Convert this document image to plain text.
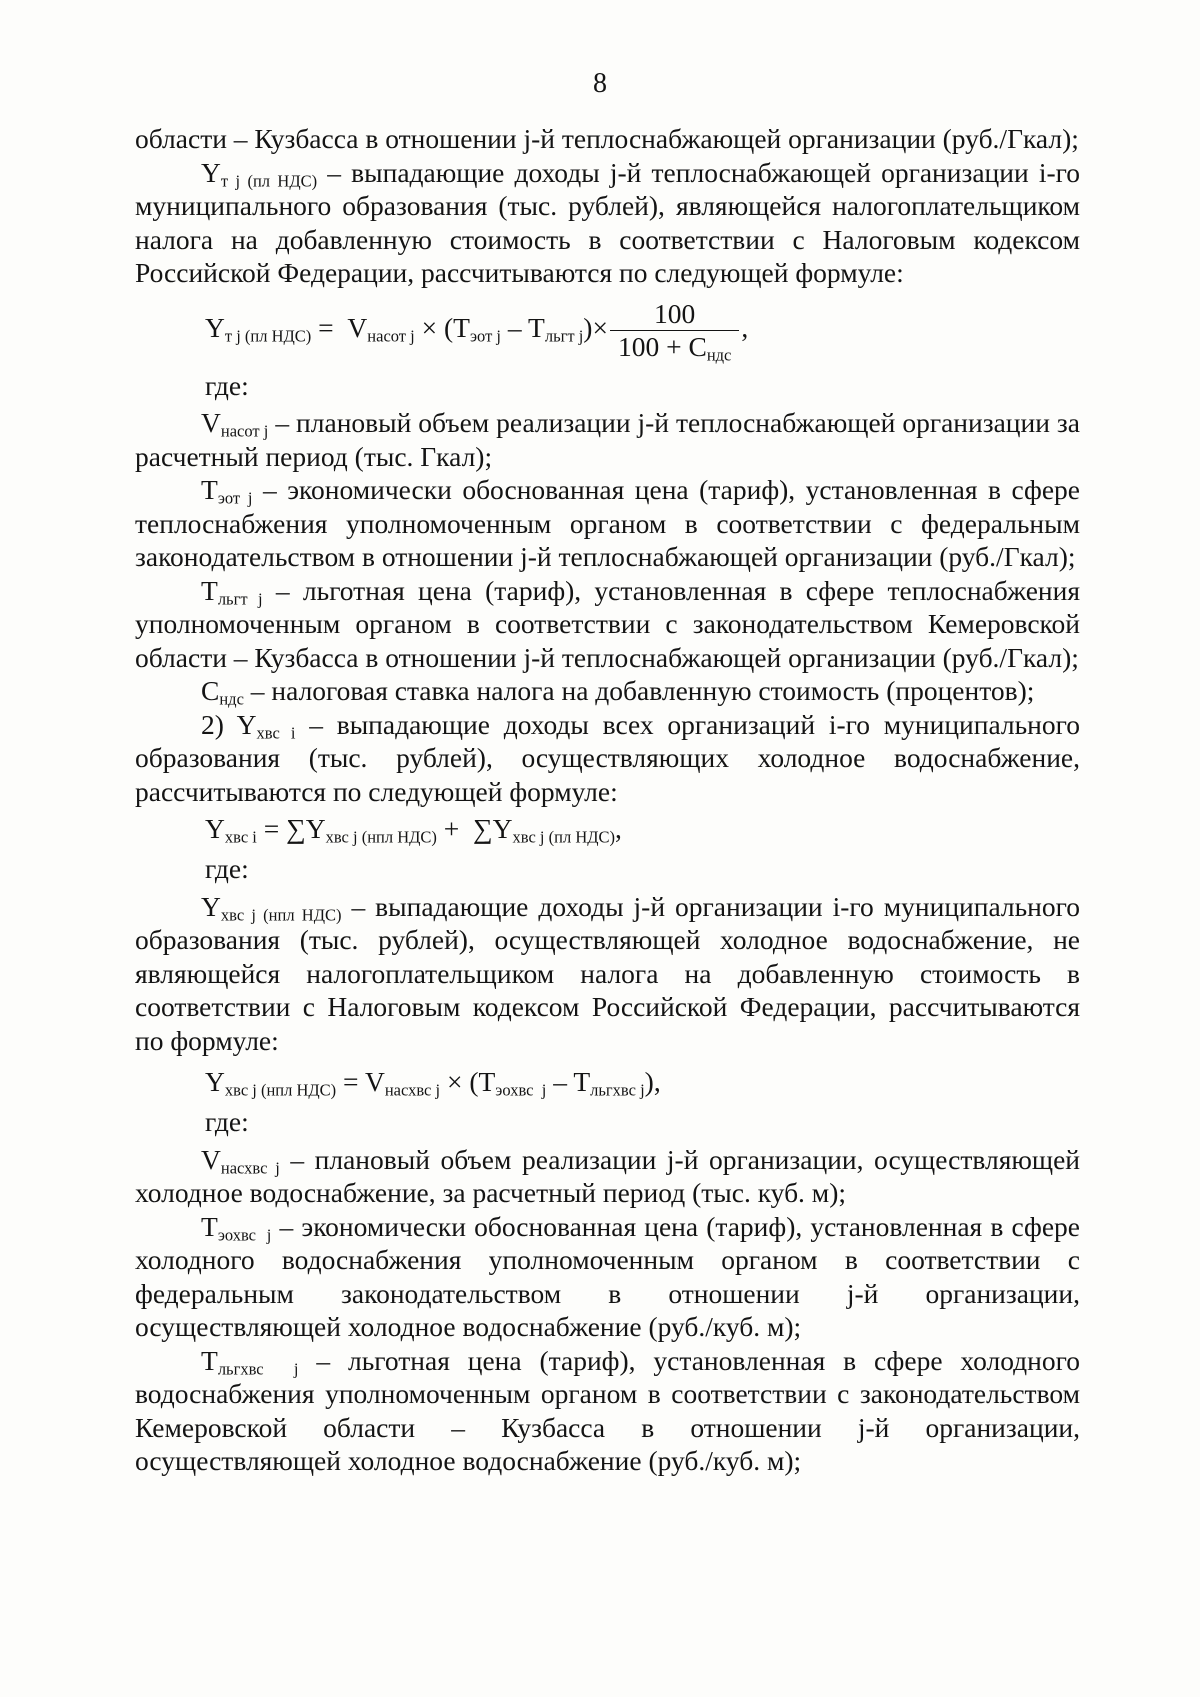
8

области – Кузбасса в отношении j-й теплоснабжающей организации (руб./Гкал);

$Y_{т j (пл НДС)}$ – выпадающие доходы j-й теплоснабжающей организации i-го муниципального образования (тыс. рублей), являющейся налогоплательщиком налога на добавленную стоимость в соответствии с Налоговым кодексом Российской Федерации, рассчитываются по следующей формуле:

$Y_{т j (пл НДС)} = V_{насот j} \times (T_{эот j} - T_{льгт j})\times \frac{100}{100 + C_{ндс}}$ ,
где:

$V_{насот j}$ – плановый объем реализации j-й теплоснабжающей организации за расчетный период (тыс. Гкал);

$T_{эот j}$ – экономически обоснованная цена (тариф), установленная в сфере теплоснабжения уполномоченным органом в соответствии с федеральным законодательством в отношении j-й теплоснабжающей организации (руб./Гкал);

$T_{льгт j}$ – льготная цена (тариф), установленная в сфере теплоснабжения уполномоченным органом в соответствии с законодательством Кемеровской области – Кузбасса в отношении j-й теплоснабжающей организации (руб./Гкал);

$C_{ндс}$ – налоговая ставка налога на добавленную стоимость (процентов);

2) $Y_{хвс i}$ – выпадающие доходы всех организаций i-го муниципального образования (тыс. рублей), осуществляющих холодное водоснабжение, рассчитываются по следующей формуле:

$Y_{хвс i} = \sum Y_{хвс j (нпл НДС)} + \sum Y_{хвс j (пл НДС)}$,
где:

$Y_{хвс j (нпл НДС)}$ – выпадающие доходы j-й организации i-го муниципального образования (тыс. рублей), осуществляющей холодное водоснабжение, не являющейся налогоплательщиком налога на добавленную стоимость в соответствии с Налоговым кодексом Российской Федерации, рассчитываются по формуле:

$Y_{хвс j (нпл НДС)} = V_{насхвс j} \times (T_{эохвс j} - T_{льгхвс j})$,
где:

$V_{насхвс j}$ – плановый объем реализации j-й организации, осуществляющей холодное водоснабжение, за расчетный период (тыс. куб. м);

$T_{эохвс j}$ – экономически обоснованная цена (тариф), установленная в сфере холодного водоснабжения уполномоченным органом в соответствии с федеральным законодательством в отношении j-й организации, осуществляющей холодное водоснабжение (руб./куб. м);

$T_{льгхвс j}$ – льготная цена (тариф), установленная в сфере холодного водоснабжения уполномоченным органом в соответствии с законодательством Кемеровской области – Кузбасса в отношении j-й организации, осуществляющей холодное водоснабжение (руб./куб. м);
